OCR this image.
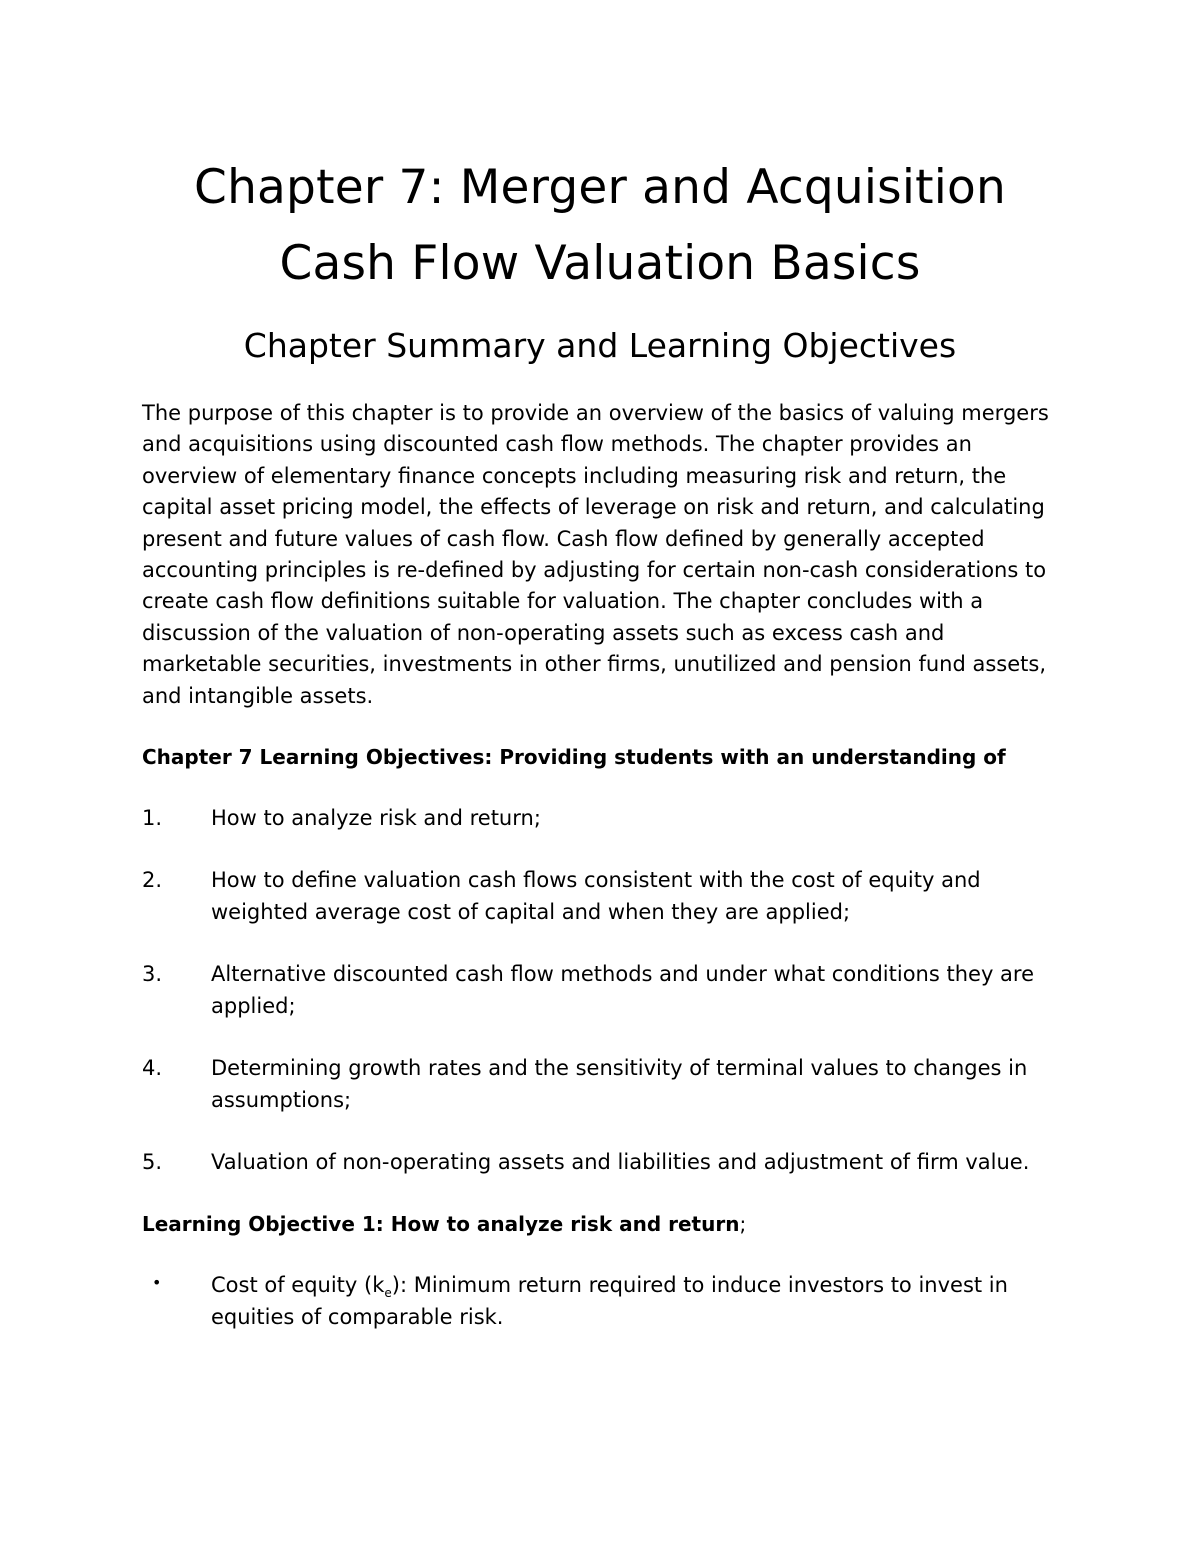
Chapter 7: Merger and Acquisition
Cash Flow Valuation Basics
Chapter Summary and Learning Objectives

The purpose of this chapter is to provide an overview of the basics of valuing mergers and acquisitions using discounted cash flow methods. The chapter provides an overview of elementary finance concepts including measuring risk and return, the capital asset pricing model, the effects of leverage on risk and return, and calculating present and future values of cash flow. Cash flow defined by generally accepted accounting principles is re-defined by adjusting for certain non-cash considerations to create cash flow definitions suitable for valuation. The chapter concludes with a discussion of the valuation of non-operating assets such as excess cash and marketable securities, investments in other firms, unutilized and pension fund assets, and intangible assets.

Chapter 7 Learning Objectives: Providing students with an understanding of

1. How to analyze risk and return;
2. How to define valuation cash flows consistent with the cost of equity and weighted average cost of capital and when they are applied;
3. Alternative discounted cash flow methods and under what conditions they are applied;
4. Determining growth rates and the sensitivity of terminal values to changes in assumptions;
5. Valuation of non-operating assets and liabilities and adjustment of firm value.

Learning Objective 1: How to analyze risk and return;

• Cost of equity $(k_e)$: Minimum return required to induce investors to invest in equities of comparable risk.
